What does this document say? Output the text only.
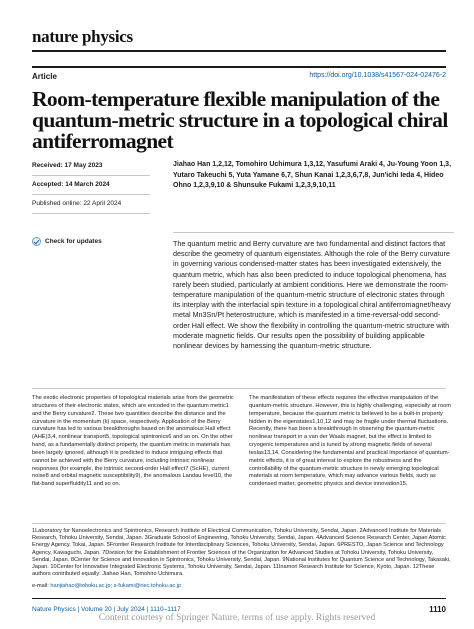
nature physics
Article	https://doi.org/10.1038/s41567-024-02476-2
Room-temperature flexible manipulation of the quantum-metric structure in a topological chiral antiferromagnet
Received: 17 May 2023
Accepted: 14 March 2024
Published online: 22 April 2024
Check for updates

Jiahao Han 1,2,12, Tomohiro Uchimura 1,3,12, Yasufumi Araki 4, Ju-Young Yoon 1,3, Yutaro Takeuchi 5, Yuta Yamane 6,7, Shun Kanai 1,2,3,6,7,8, Jun'ichi Ieda 4, Hideo Ohno 1,2,3,9,10 & Shunsuke Fukami 1,2,3,9,10,11

The quantum metric and Berry curvature are two fundamental and distinct factors that describe the geometry of quantum eigenstates. Although the role of the Berry curvature in governing various condensed-matter states has been investigated extensively, the quantum metric, which has also been predicted to induce topological phenomena, has rarely been studied, particularly at ambient conditions. Here we demonstrate the room-temperature manipulation of the quantum-metric structure of electronic states through its interplay with the interfacial spin texture in a topological chiral antiferromagnet/heavy metal Mn3Sn/Pt heterostructure, which is manifested in a time-reversal-odd second-order Hall effect. We show the flexibility in controlling the quantum-metric structure with moderate magnetic fields. Our results open the possibility of building applicable nonlinear devices by harnessing the quantum-metric structure.

The exotic electronic properties of topological materials arise from the geometric structures of their electronic states, which are encoded in the quantum metric1 and the Berry curvature2. These two quantities describe the distance and the curvature in the momentum (k) space, respectively. Application of the Berry curvature has led to various breakthroughs based on the anomalous Hall effect (AHE)3,4, nonlinear transport5, topological spintronics6 and so on. On the other hand, as a fundamentally distinct property, the quantum metric in materials has been largely ignored, although it is predicted to induce intriguing effects that cannot be achieved with the Berry curvature, including intrinsic nonlinear responses (for example, the intrinsic second-order Hall effect7 (ScHE), current noise8 and orbital magnetic susceptibility9), the anomalous Landau level10, the flat-band superfluidity11 and so on.

The manifestation of these effects requires the effective manipulation of the quantum-metric structure. However, this is highly challenging, especially at room temperature, because the quantum metric is believed to be a built-in property hidden in the eigenstates1,10,12 and may be fragile under thermal fluctuations. Recently, there has been a breakthrough in observing the quantum-metric nonlinear transport in a van der Waals magnet, but the effect is limited to cryogenic temperatures and is tuned by strong magnetic fields of several teslas13,14. Considering the fundamental and practical importance of quantum-metric effects, it is of great interest to explore the robustness and the controllability of the quantum-metric structure in newly emerging topological materials at room temperature, which may advance various fields, such as condensed matter, geometric physics and device innovation15.

1Laboratory for Nanoelectronics and Spintronics, Research Institute of Electrical Communication, Tohoku University, Sendai, Japan. 2Advanced Institute for Materials Research, Tohoku University, Sendai, Japan. 3Graduate School of Engineering, Tohoku University, Sendai, Japan. 4Advanced Science Research Center, Japan Atomic Energy Agency, Tokai, Japan. 5Frontier Research Institute for Interdisciplinary Sciences, Tohoku University, Sendai, Japan. 6PRESTO, Japan Science and Technology Agency, Kawaguchi, Japan. 7Division for the Establishment of Frontier Sciences of the Organization for Advanced Studies at Tohoku University, Tohoku University, Sendai, Japan. 8Center for Science and Innovation in Spintronics, Tohoku University, Sendai, Japan. 9National Institutes for Quantum Science and Technology, Takasaki, Japan. 10Center for Innovative Integrated Electronic Systems, Tohoku University, Sendai, Japan. 11Inamori Research Institute for Science, Kyoto, Japan. 12These authors contributed equally: Jiahao Han, Tomohiro Uchimura.

e-mail: hanjiahao@tohoku.ac.jp; s-fukami@riec.tohoku.ac.jp
Nature Physics | Volume 20 | July 2024 | 1110–1117	1110
Content courtesy of Springer Nature, terms of use apply. Rights reserved
